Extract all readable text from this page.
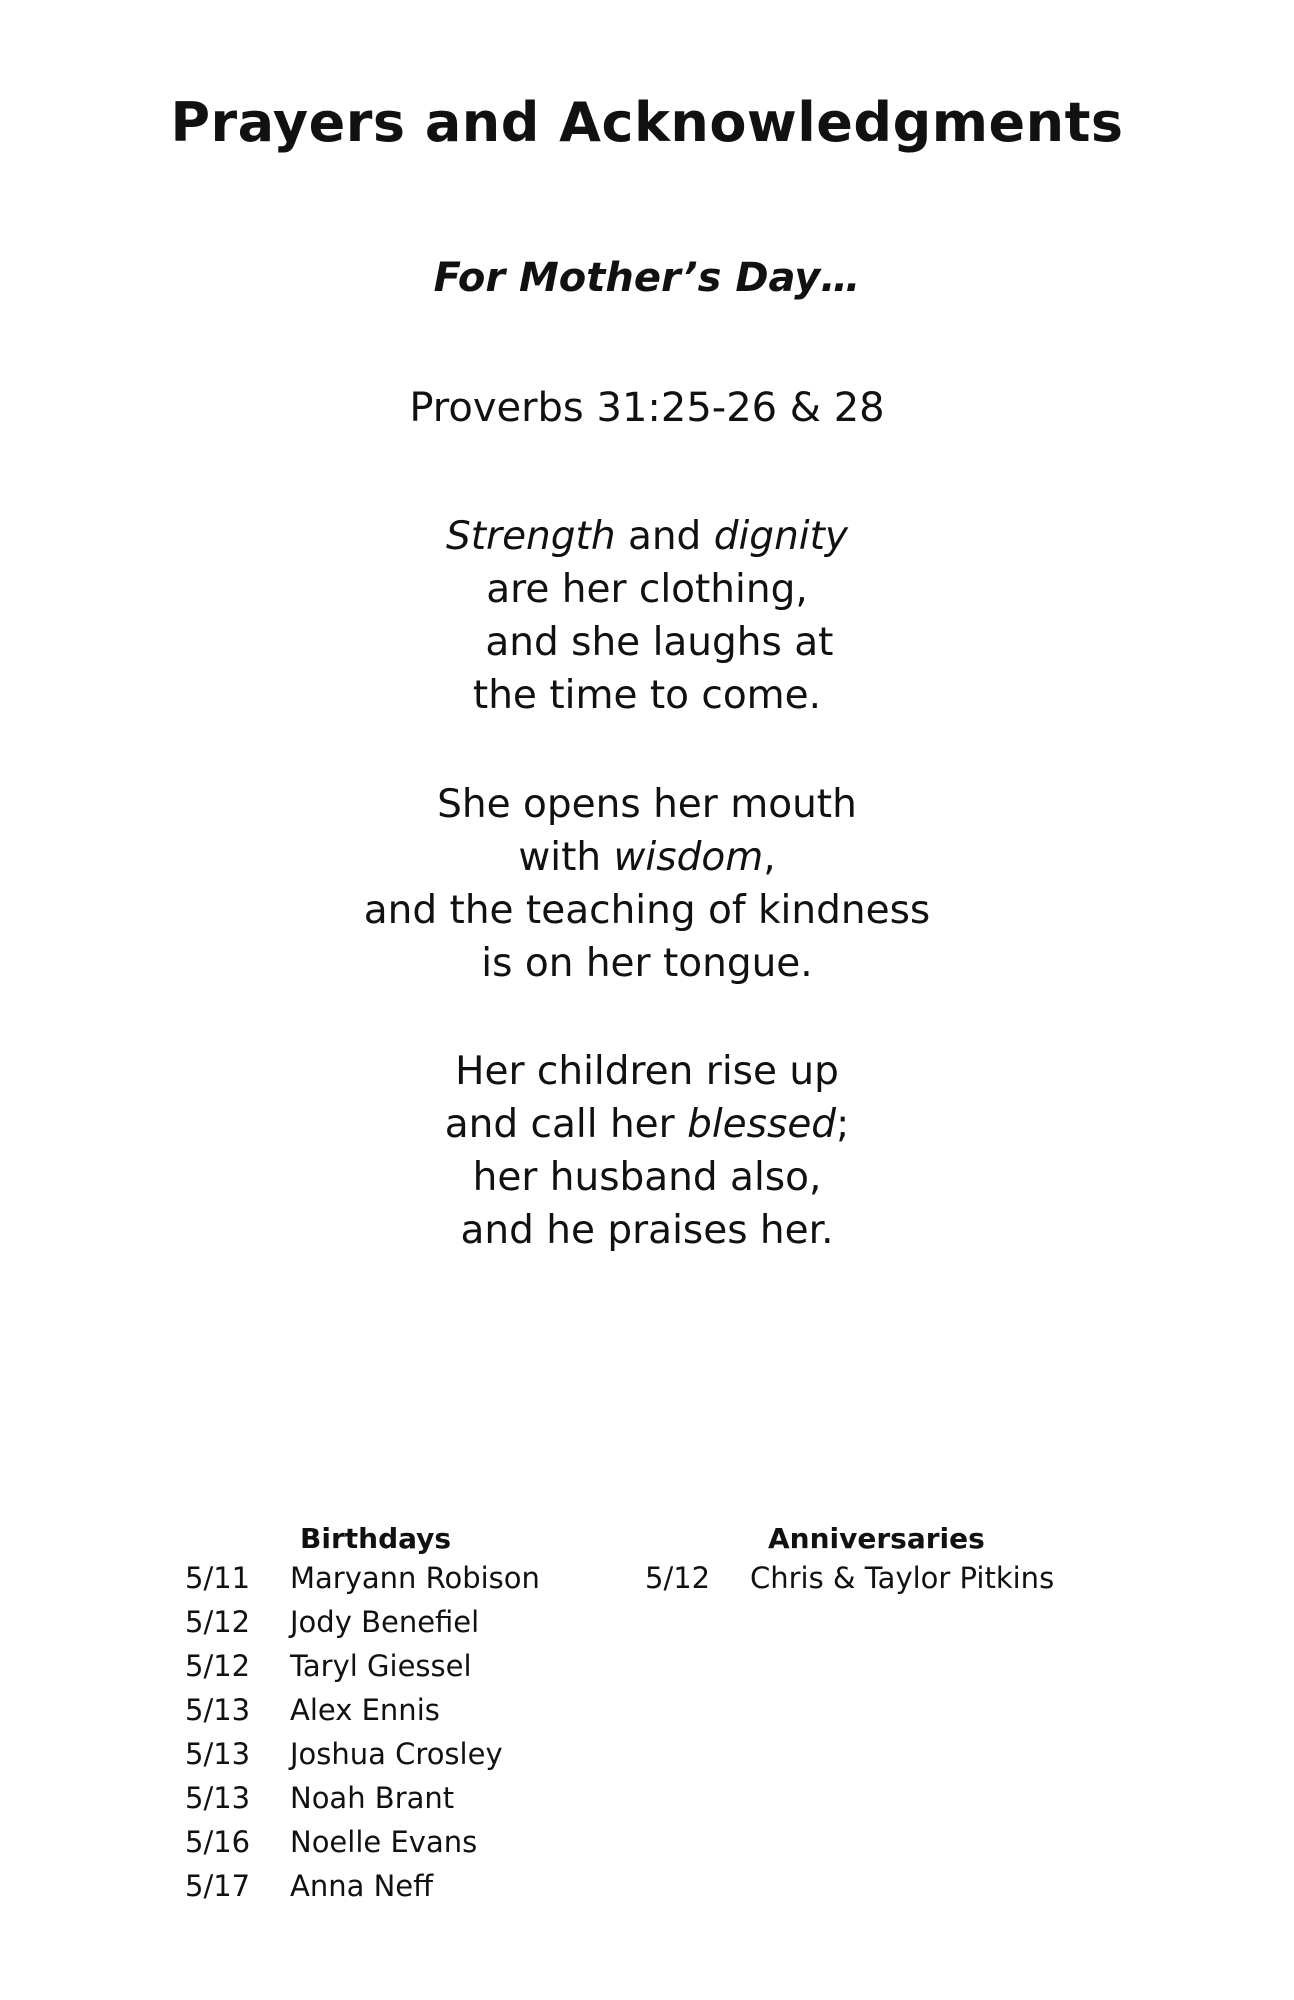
Prayers and Acknowledgments
For Mother’s Day…
Proverbs 31:25-26 & 28
Strength and dignity
are her clothing,
and she laughs at
the time to come.
She opens her mouth
with wisdom,
and the teaching of kindness
is on her tongue.
Her children rise up
and call her blessed;
her husband also,
and he praises her.
Birthdays	Anniversaries
5/11 Maryann Robison
5/12 Jody Benefiel
5/12 Taryl Giessel
5/13 Alex Ennis
5/13 Joshua Crosley
5/13 Noah Brant
5/16 Noelle Evans
5/17 Anna Neff
5/12 Chris & Taylor Pitkins
